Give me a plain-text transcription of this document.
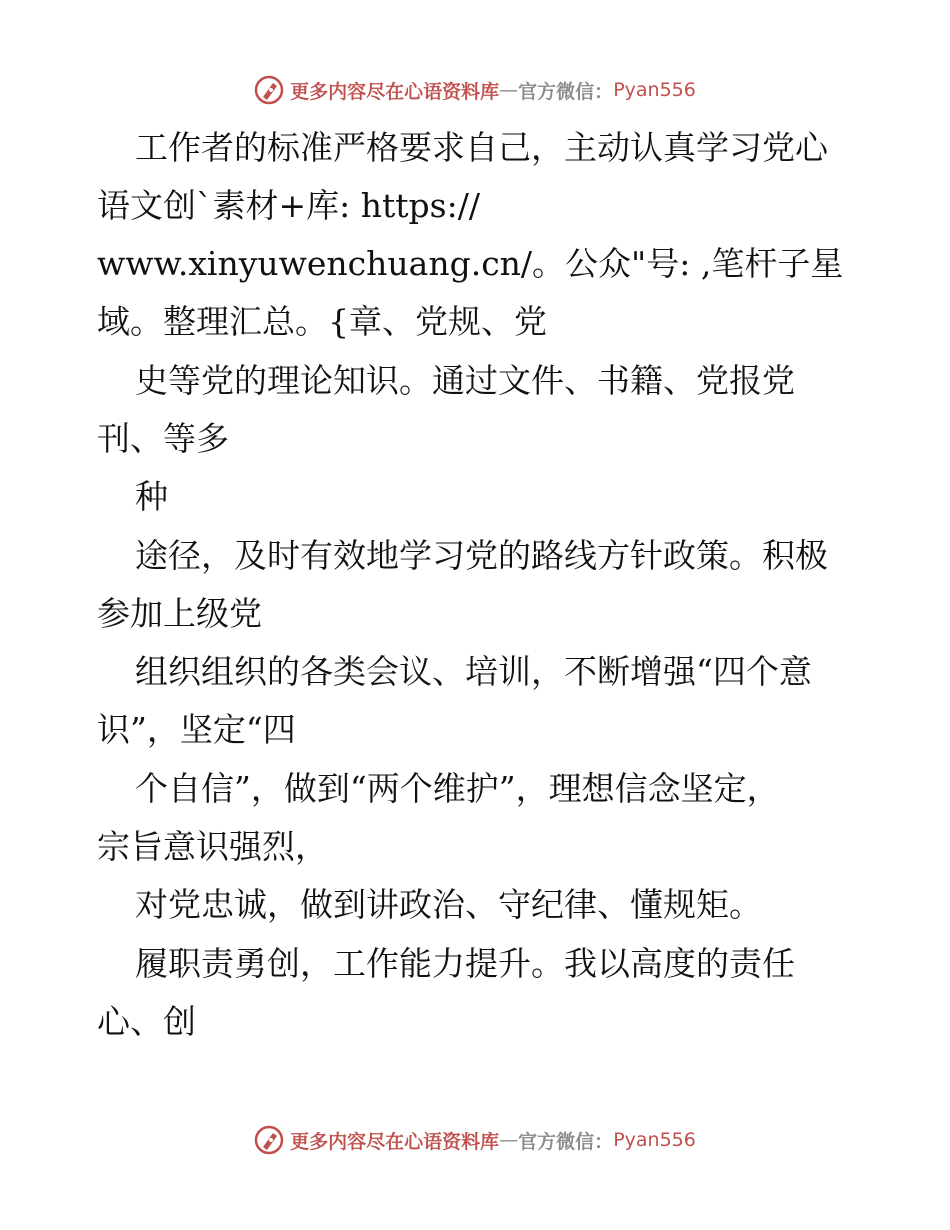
更多内容尽在心语资料库 — 官方微信： Pyan556
工作者的标准严格要求自己，主动认真学习党心
语文创`素材+库: https://
www.xinyuwenchuang.cn/。公众"号: ,笔杆子星
域。整理汇总。{章、党规、党
史等党的理论知识。通过文件、书籍、党报党
刊、等多
种
途径，及时有效地学习党的路线方针政策。积极
参加上级党
组织组织的各类会议、培训，不断增强“四个意
识”，坚定“四
个自信”，做到“两个维护”，理想信念坚定，
宗旨意识强烈，
对党忠诚，做到讲政治、守纪律、懂规矩。
履职责勇创，工作能力提升。我以高度的责任
心、创
更多内容尽在心语资料库 — 官方微信： Pyan556
